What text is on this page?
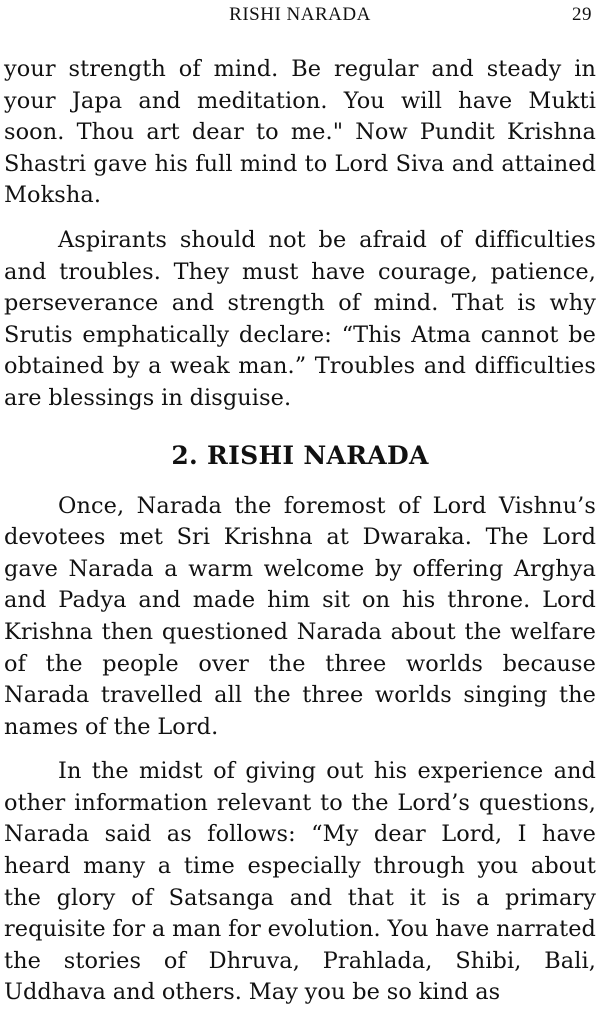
RISHI NARADA	29

your strength of mind. Be regular and steady in your Japa and meditation. You will have Mukti soon. Thou art dear to me." Now Pundit Krishna Shastri gave his full mind to Lord Siva and attained Moksha.

Aspirants should not be afraid of difficulties and troubles. They must have courage, patience, perseverance and strength of mind. That is why Srutis emphatically declare: “This Atma cannot be obtained by a weak man.” Troubles and difficulties are blessings in disguise.

2. RISHI NARADA

Once, Narada the foremost of Lord Vishnu’s devotees met Sri Krishna at Dwaraka. The Lord gave Narada a warm welcome by offering Arghya and Padya and made him sit on his throne. Lord Krishna then questioned Narada about the welfare of the people over the three worlds because Narada travelled all the three worlds singing the names of the Lord.

In the midst of giving out his experience and other information relevant to the Lord’s questions, Narada said as follows: “My dear Lord, I have heard many a time especially through you about the glory of Satsanga and that it is a primary requisite for a man for evolution. You have narrated the stories of Dhruva, Prahlada, Shibi, Bali, Uddhava and others. May you be so kind as
